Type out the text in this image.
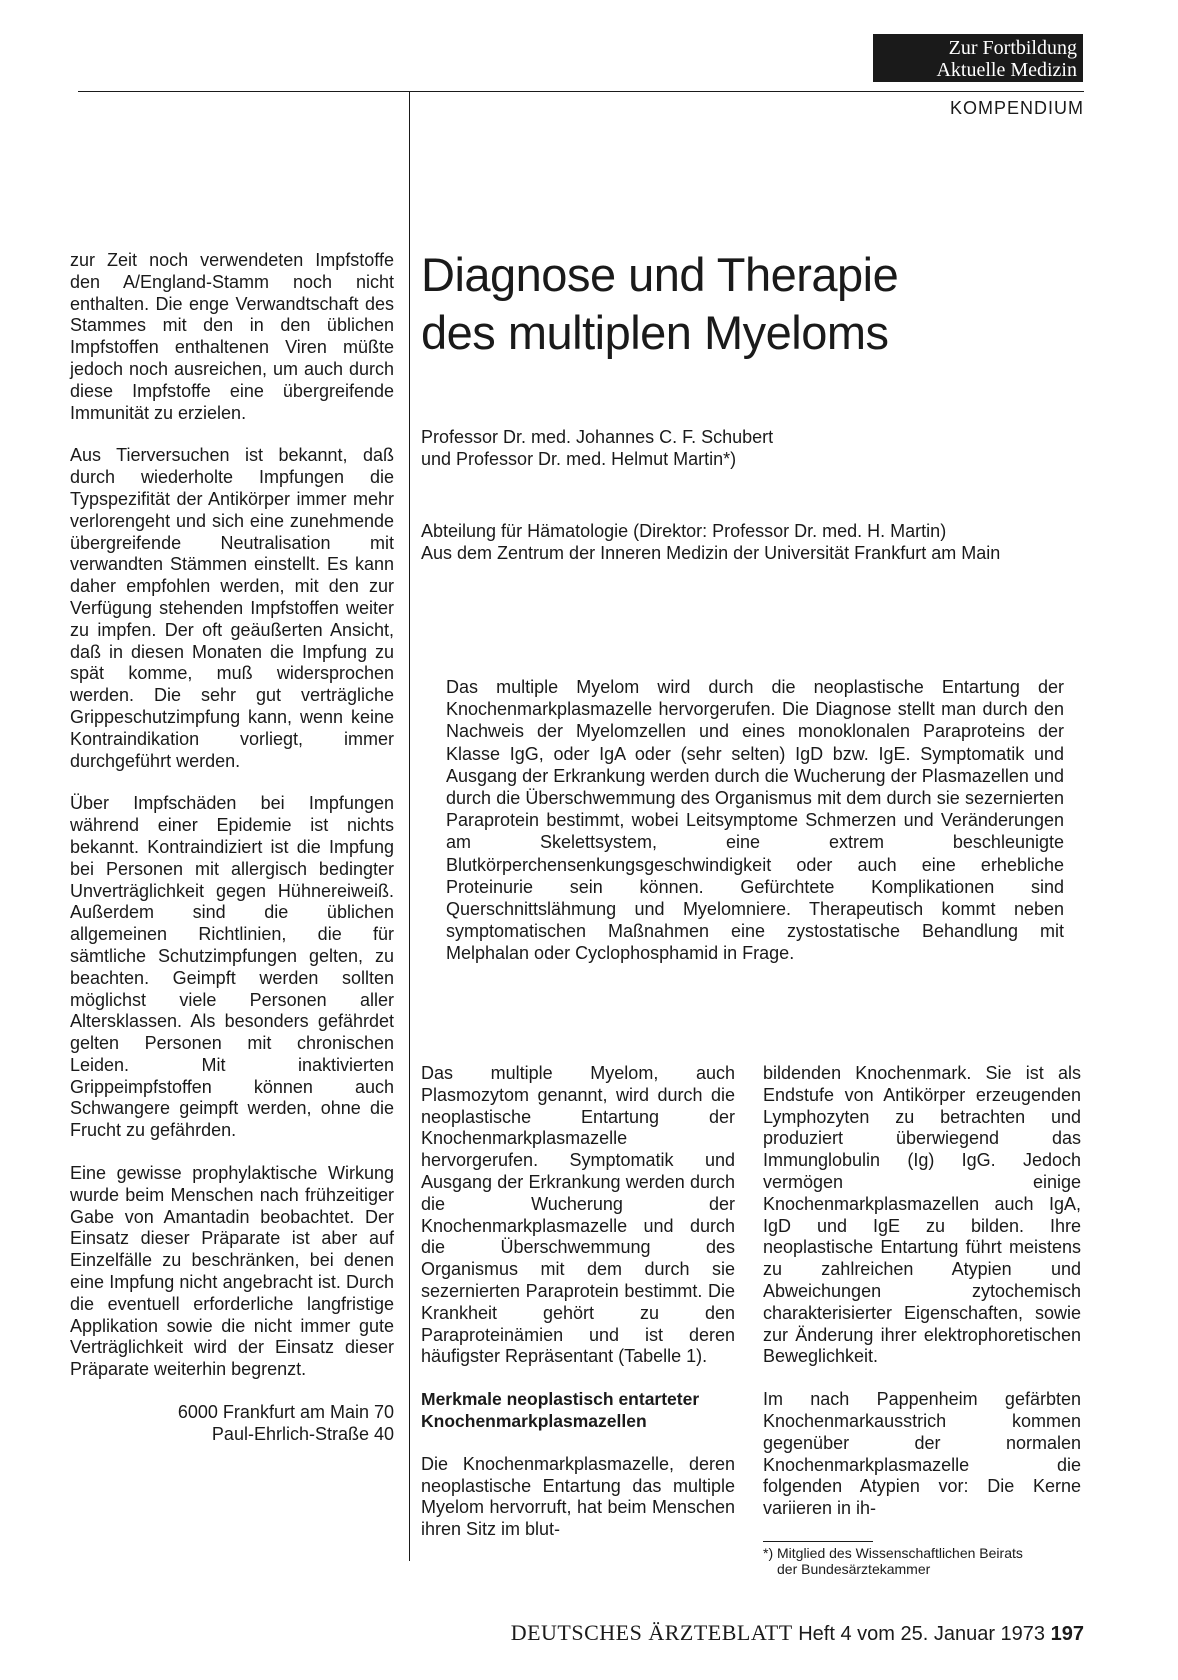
Zur Fortbildung
Aktuelle Medizin
KOMPENDIUM
Diagnose und Therapie
des multiplen Myeloms
Professor Dr. med. Johannes C. F. Schubert
und Professor Dr. med. Helmut Martin*)
Abteilung für Hämatologie (Direktor: Professor Dr. med. H. Martin)
Aus dem Zentrum der Inneren Medizin der Universität Frankfurt am Main
Das multiple Myelom wird durch die neoplastische Entartung der Knochenmarkplasmazelle hervorgerufen. Die Diagnose stellt man durch den Nachweis der Myelomzellen und eines monoklonalen Paraproteins der Klasse IgG, oder IgA oder (sehr selten) IgD bzw. IgE. Symptomatik und Ausgang der Erkrankung werden durch die Wucherung der Plasmazellen und durch die Überschwemmung des Organismus mit dem durch sie sezernierten Paraprotein bestimmt, wobei Leitsymptome Schmerzen und Veränderungen am Skelettsystem, eine extrem beschleunigte Blutkörperchensenkungsgeschwindigkeit oder auch eine erhebliche Proteinurie sein können. Gefürchtete Komplikationen sind Querschnittslähmung und Myelomniere. Therapeutisch kommt neben symptomatischen Maßnahmen eine zystostatische Behandlung mit Melphalan oder Cyclophosphamid in Frage.

zur Zeit noch verwendeten Impfstoffe den A/England-Stamm noch nicht enthalten. Die enge Verwandtschaft des Stammes mit den in den üblichen Impfstoffen enthaltenen Viren müßte jedoch noch ausreichen, um auch durch diese Impfstoffe eine übergreifende Immunität zu erzielen.

Aus Tierversuchen ist bekannt, daß durch wiederholte Impfungen die Typspezifität der Antikörper immer mehr verlorengeht und sich eine zunehmende übergreifende Neutralisation mit verwandten Stämmen einstellt. Es kann daher empfohlen werden, mit den zur Verfügung stehenden Impfstoffen weiter zu impfen. Der oft geäußerten Ansicht, daß in diesen Monaten die Impfung zu spät komme, muß widersprochen werden. Die sehr gut verträgliche Grippeschutzimpfung kann, wenn keine Kontraindikation vorliegt, immer durchgeführt werden.

Über Impfschäden bei Impfungen während einer Epidemie ist nichts bekannt. Kontraindiziert ist die Impfung bei Personen mit allergisch bedingter Unverträglichkeit gegen Hühnereiweiß. Außerdem sind die üblichen allgemeinen Richtlinien, die für sämtliche Schutzimpfungen gelten, zu beachten. Geimpft werden sollten möglichst viele Personen aller Altersklassen. Als besonders gefährdet gelten Personen mit chronischen Leiden. Mit inaktivierten Grippeimpfstoffen können auch Schwangere geimpft werden, ohne die Frucht zu gefährden.

Eine gewisse prophylaktische Wirkung wurde beim Menschen nach frühzeitiger Gabe von Amantadin beobachtet. Der Einsatz dieser Präparate ist aber auf Einzelfälle zu beschränken, bei denen eine Impfung nicht angebracht ist. Durch die eventuell erforderliche langfristige Applikation sowie die nicht immer gute Verträglichkeit wird der Einsatz dieser Präparate weiterhin begrenzt.

6000 Frankfurt am Main 70
Paul-Ehrlich-Straße 40

Das multiple Myelom, auch Plasmozytom genannt, wird durch die neoplastische Entartung der Knochenmarkplasmazelle hervorgerufen. Symptomatik und Ausgang der Erkrankung werden durch die Wucherung der Knochenmarkplasmazelle und durch die Überschwemmung des Organismus mit dem durch sie sezernierten Paraprotein bestimmt. Die Krankheit gehört zu den Paraproteinämien und ist deren häufigster Repräsentant (Tabelle 1).

Merkmale neoplastisch entarteter
Knochenmarkplasmazellen

Die Knochenmarkplasmazelle, deren neoplastische Entartung das multiple Myelom hervorruft, hat beim Menschen ihren Sitz im blut-

bildenden Knochenmark. Sie ist als Endstufe von Antikörper erzeugenden Lymphozyten zu betrachten und produziert überwiegend das Immunglobulin (Ig) IgG. Jedoch vermögen einige Knochenmarkplasmazellen auch IgA, IgD und IgE zu bilden. Ihre neoplastische Entartung führt meistens zu zahlreichen Atypien und Abweichungen zytochemisch charakterisierter Eigenschaften, sowie zur Änderung ihrer elektrophoretischen Beweglichkeit.

Im nach Pappenheim gefärbten Knochenmarkausstrich kommen gegenüber der normalen Knochenmarkplasmazelle die folgenden Atypien vor: Die Kerne variieren in ih-

*) Mitglied des Wissenschaftlichen Beirats
der Bundesärztekammer
DEUTSCHES ÄRZTEBLATT Heft 4 vom 25. Januar 1973 197
